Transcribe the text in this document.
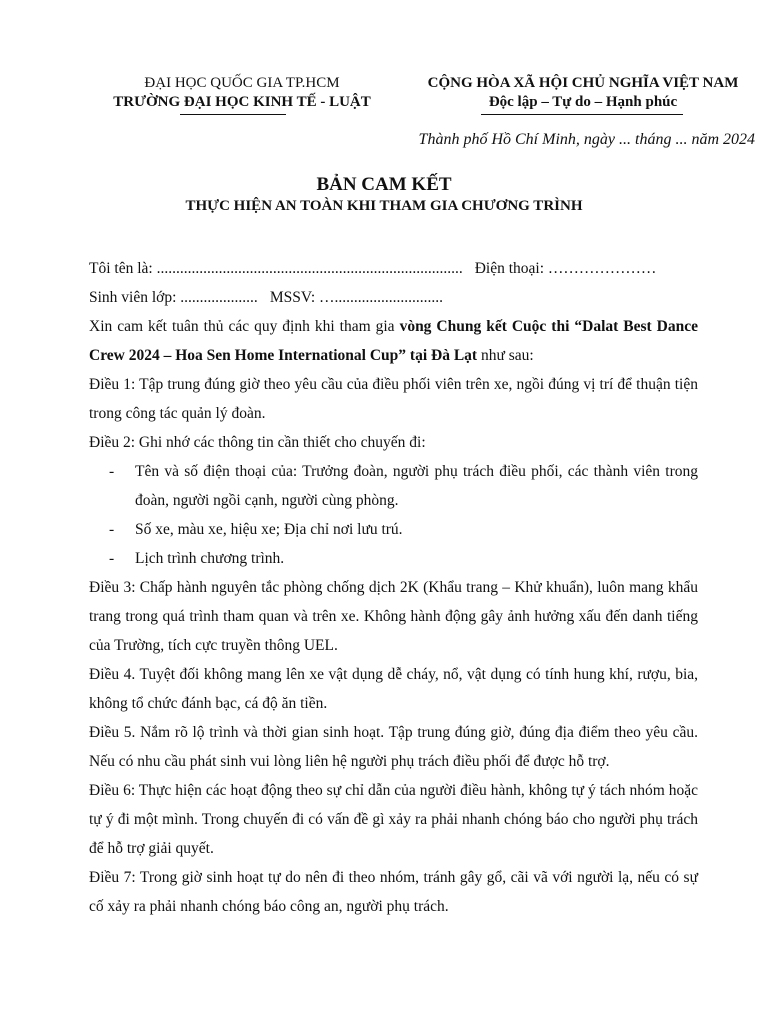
ĐẠI HỌC QUỐC GIA TP.HCM
TRƯỜNG ĐẠI HỌC KINH TẾ - LUẬT
CỘNG HÒA XÃ HỘI CHỦ NGHĨA VIỆT NAM
Độc lập – Tự do – Hạnh phúc
Thành phố Hồ Chí Minh, ngày ... tháng ... năm 2024
BẢN CAM KẾT
THỰC HIỆN AN TOÀN KHI THAM GIA CHƯƠNG TRÌNH
Tôi tên là: ............................................................................... Điện thoại: …………………
Sinh viên lớp: .................... MSSV: …............................

Xin cam kết tuân thủ các quy định khi tham gia vòng Chung kết Cuộc thi “Dalat Best Dance Crew 2024 – Hoa Sen Home International Cup” tại Đà Lạt như sau:

Điều 1: Tập trung đúng giờ theo yêu cầu của điều phối viên trên xe, ngồi đúng vị trí để thuận tiện trong công tác quản lý đoàn.

Điều 2: Ghi nhớ các thông tin cần thiết cho chuyến đi:

-	Tên và số điện thoại của: Trưởng đoàn, người phụ trách điều phối, các thành viên trong đoàn, người ngồi cạnh, người cùng phòng.
-	Số xe, màu xe, hiệu xe; Địa chỉ nơi lưu trú.
-	Lịch trình chương trình.

Điều 3: Chấp hành nguyên tắc phòng chống dịch 2K (Khẩu trang – Khử khuẩn), luôn mang khẩu trang trong quá trình tham quan và trên xe. Không hành động gây ảnh hưởng xấu đến danh tiếng của Trường, tích cực truyền thông UEL.

Điều 4. Tuyệt đối không mang lên xe vật dụng dễ cháy, nổ, vật dụng có tính hung khí, rượu, bia, không tổ chức đánh bạc, cá độ ăn tiền.

Điều 5. Nắm rõ lộ trình và thời gian sinh hoạt. Tập trung đúng giờ, đúng địa điểm theo yêu cầu. Nếu có nhu cầu phát sinh vui lòng liên hệ người phụ trách điều phối để được hỗ trợ.

Điều 6: Thực hiện các hoạt động theo sự chỉ dẫn của người điều hành, không tự ý tách nhóm hoặc tự ý đi một mình. Trong chuyến đi có vấn đề gì xảy ra phải nhanh chóng báo cho người phụ trách để hỗ trợ giải quyết.

Điều 7: Trong giờ sinh hoạt tự do nên đi theo nhóm, tránh gây gổ, cãi vã với người lạ, nếu có sự cố xảy ra phải nhanh chóng báo công an, người phụ trách.
